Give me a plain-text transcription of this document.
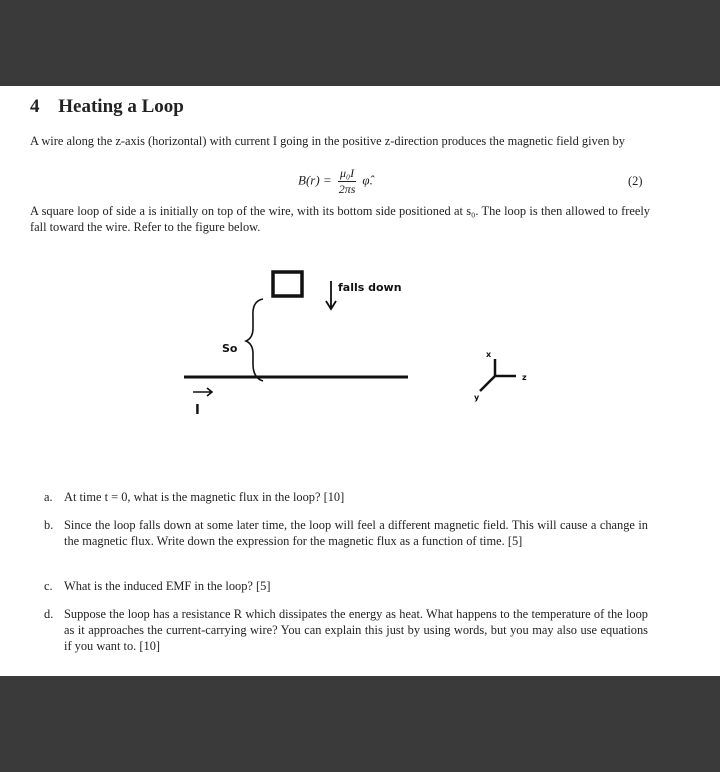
4 Heating a Loop
A wire along the z-axis (horizontal) with current I going in the positive z-direction produces the magnetic field given by
$B(r) = \frac{\text{μ₀I}}{2\pi s}$ φ̂.	(2)
A square loop of side a is initially on top of the wire, with its bottom side positioned at s₀. The loop is then allowed to freely fall toward the wire. Refer to the figure below.
falls down
So
I
x
z
y
a. At time t = 0, what is the magnetic flux in the loop? [10]
b. Since the loop falls down at some later time, the loop will feel a different magnetic field. This will cause a change in the magnetic flux. Write down the expression for the magnetic flux as a function of time. [5]
c. What is the induced EMF in the loop? [5]
d. Suppose the loop has a resistance R which dissipates the energy as heat. What happens to the temperature of the loop as it approaches the current-carrying wire? You can explain this just by using words, but you may also use equations if you want to. [10]
